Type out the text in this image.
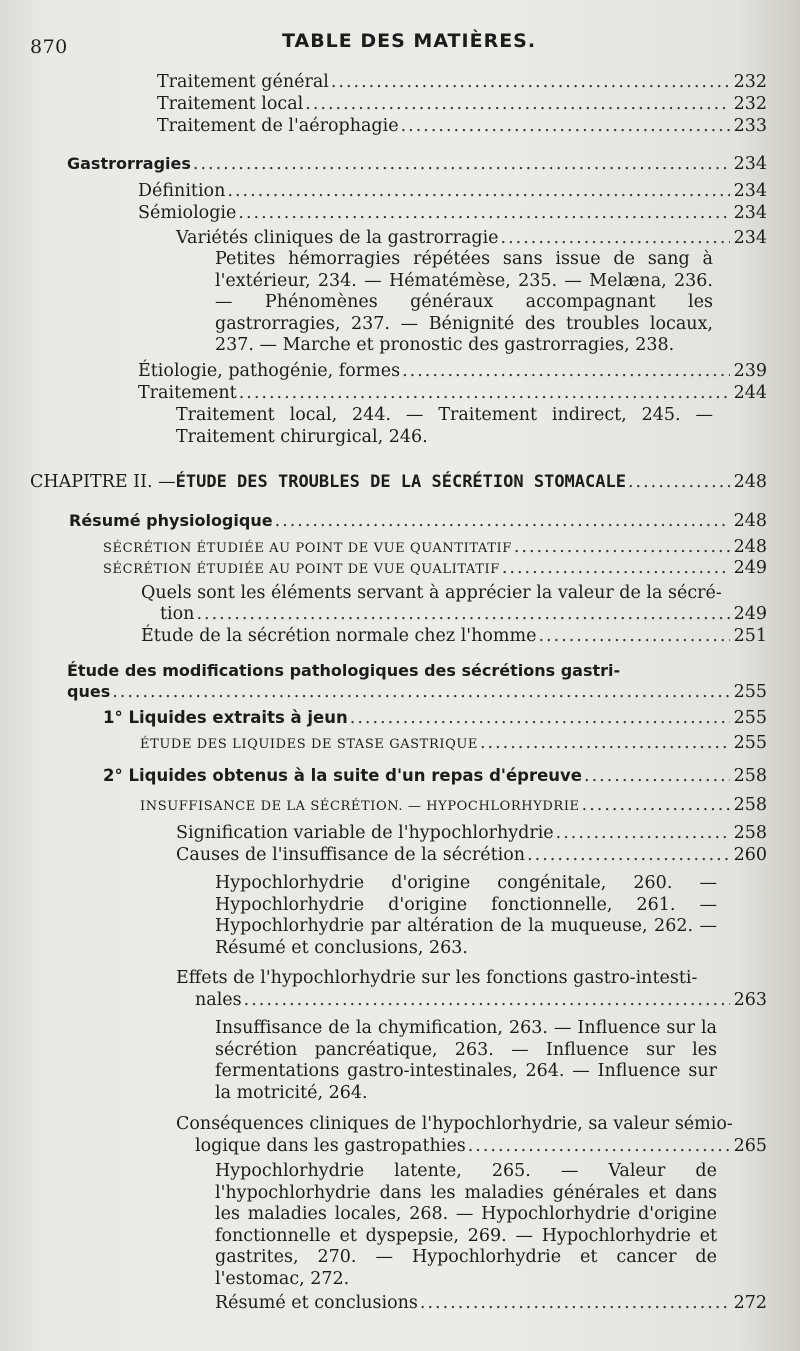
870	TABLE DES MATIÈRES.
Traitement général .....	232
Traitement local .....	232
Traitement de l'aérophagie .....	233
Gastrorragies .....	234
Définition .....	234
Sémiologie .....	234
Variétés cliniques de la gastrorragie .....	234
Petites hémorragies répétées sans issue de sang à l'extérieur, 234. — Hématémèse, 235. — Melæna, 236. — Phénomènes généraux accompagnant les gastrorragies, 237. — Bénignité des troubles locaux, 237. — Marche et pronostic des gastrorragies, 238.
Étiologie, pathogénie, formes .....	239
Traitement .....	244
Traitement local, 244. — Traitement indirect, 245. — Traitement chirurgical, 246.
CHAPITRE II. — ÉTUDE DES TROUBLES DE LA SÉCRÉTION STOMACALE .....	248
Résumé physiologique .....	248
SÉCRÉTION ÉTUDIÉE AU POINT DE VUE QUANTITATIF .....	248
SÉCRÉTION ÉTUDIÉE AU POINT DE VUE QUALITATIF .....	249
Quels sont les éléments servant à apprécier la valeur de la sécré-
tion .....	249
Étude de la sécrétion normale chez l'homme .....	251
Étude des modifications pathologiques des sécrétions gastri-
ques .....	255
1° Liquides extraits à jeun .....	255
ÉTUDE DES LIQUIDES DE STASE GASTRIQUE .....	255
2° Liquides obtenus à la suite d'un repas d'épreuve .....	258
INSUFFISANCE DE LA SÉCRÉTION. — HYPOCHLORHYDRIE .....	258
Signification variable de l'hypochlorhydrie .....	258
Causes de l'insuffisance de la sécrétion .....	260
Hypochlorhydrie d'origine congénitale, 260. — Hypochlorhydrie d'origine fonctionnelle, 261. — Hypochlorhydrie par altération de la muqueuse, 262. — Résumé et conclusions, 263.
Effets de l'hypochlorhydrie sur les fonctions gastro-intesti-
nales .....	263
Insuffisance de la chymification, 263. — Influence sur la sécrétion pancréatique, 263. — Influence sur les fermentations gastro-intestinales, 264. — Influence sur la motricité, 264.
Conséquences cliniques de l'hypochlorhydrie, sa valeur sémio-
logique dans les gastropathies .....	265
Hypochlorhydrie latente, 265. — Valeur de l'hypochlorhydrie dans les maladies générales et dans les maladies locales, 268. — Hypochlorhydrie d'origine fonctionnelle et dyspepsie, 269. — Hypochlorhydrie et gastrites, 270. — Hypochlorhydrie et cancer de l'estomac, 272.
Résumé et conclusions .....	272
